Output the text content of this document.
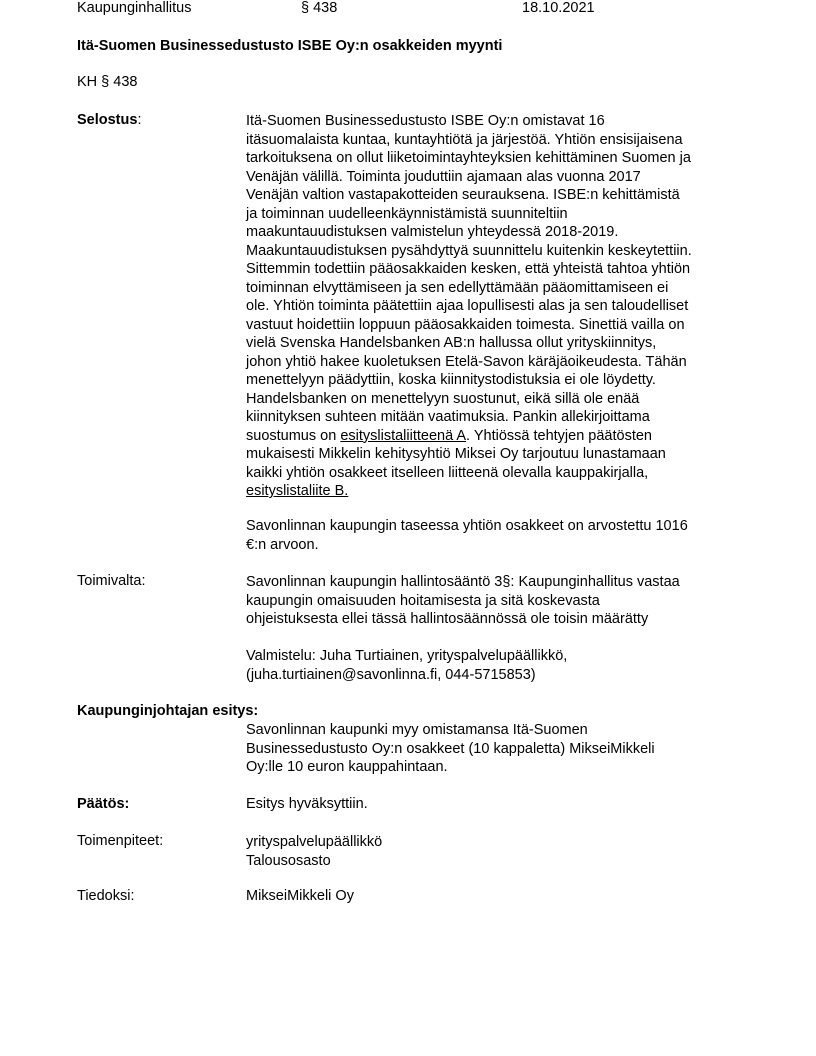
Kaupunginhallitus	§ 438	18.10.2021
Itä-Suomen Businessedustusto ISBE Oy:n osakkeiden myynti
KH § 438
Selostus:	Itä-Suomen Businessedustusto ISBE Oy:n omistavat 16
itäsuomalaista kuntaa, kuntayhtiötä ja järjestöä. Yhtiön ensisijaisena
tarkoituksena on ollut liiketoimintayhteyksien kehittäminen Suomen ja
Venäjän välillä. Toiminta jouduttiin ajamaan alas vuonna 2017
Venäjän valtion vastapakotteiden seurauksena. ISBE:n kehittämistä
ja toiminnan uudelleenkäynnistämistä suunniteltiin
maakuntauudistuksen valmistelun yhteydessä 2018-2019.
Maakuntauudistuksen pysähdyttyä suunnittelu kuitenkin keskeytettiin.
Sittemmin todettiin pääosakkaiden kesken, että yhteistä tahtoa yhtiön
toiminnan elvyttämiseen ja sen edellyttämään pääomittamiseen ei
ole. Yhtiön toiminta päätettiin ajaa lopullisesti alas ja sen taloudelliset
vastuut hoidettiin loppuun pääosakkaiden toimesta. Sinettiä vailla on
vielä Svenska Handelsbanken AB:n hallussa ollut yrityskiinnitys,
johon yhtiö hakee kuoletuksen Etelä-Savon käräjäoikeudesta. Tähän
menettelyyn päädyttiin, koska kiinnitystodistuksia ei ole löydetty.
Handelsbanken on menettelyyn suostunut, eikä sillä ole enää
kiinnityksen suhteen mitään vaatimuksia. Pankin allekirjoittama
suostumus on esityslistaliitteenä A. Yhtiössä tehtyjen päätösten
mukaisesti Mikkelin kehitysyhtiö Miksei Oy tarjoutuu lunastamaan
kaikki yhtiön osakkeet itselleen liitteenä olevalla kauppakirjalla,
esityslistaliite B.
Savonlinnan kaupungin taseessa yhtiön osakkeet on arvostettu 1016
€:n arvoon.
Toimivalta:	Savonlinnan kaupungin hallintosääntö 3§: Kaupunginhallitus vastaa
kaupungin omaisuuden hoitamisesta ja sitä koskevasta
ohjeistuksesta ellei tässä hallintosäännössä ole toisin määrätty
Valmistelu: Juha Turtiainen, yrityspalvelupäällikkö,
(juha.turtiainen@savonlinna.fi, 044-5715853)
Kaupunginjohtajan esitys:
Savonlinnan kaupunki myy omistamansa Itä-Suomen
Businessedustusto Oy:n osakkeet (10 kappaletta) MikseiMikkeli
Oy:lle 10 euron kauppahintaan.
Päätös:	Esitys hyväksyttiin.
Toimenpiteet:	yrityspalvelupäällikkö
Talousosasto
Tiedoksi:	MikseiMikkeli Oy
